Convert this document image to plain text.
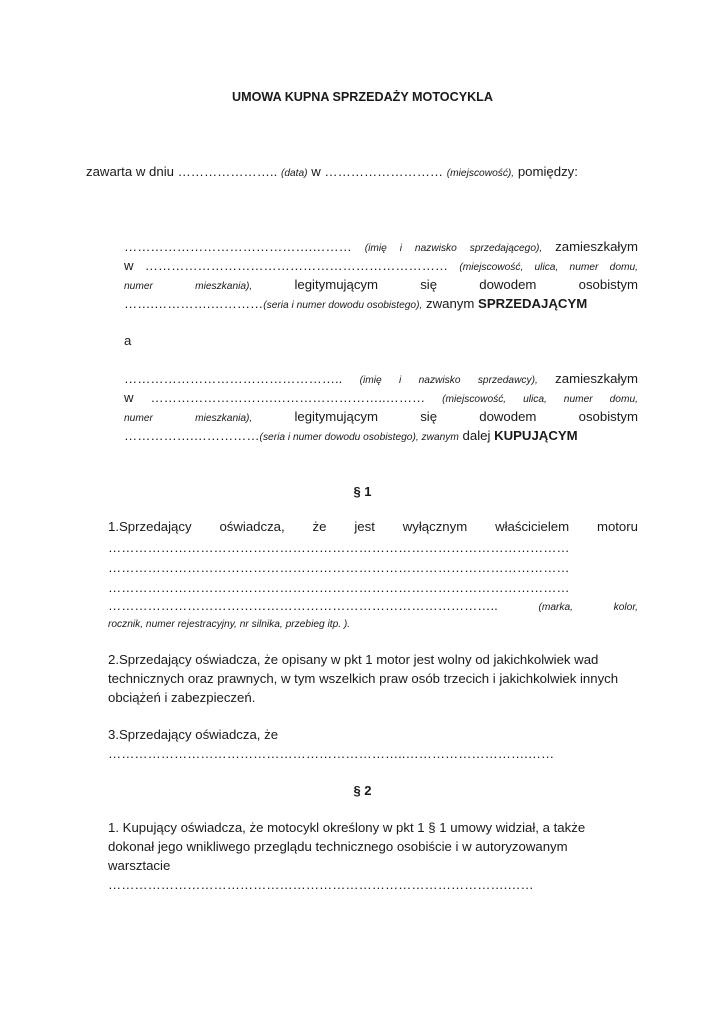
UMOWA KUPNA SPRZEDAŻY MOTOCYKLA
zawarta w dniu ………………….. (data) w ……………………… (miejscowość), pomiędzy:
…………………………………….……… (imię i nazwisko sprzedającego), zamieszkałym
w …………………………………………………………… (miejscowość, ulica, numer domu,
numer	mieszkania),	legitymującym	się	dowodem	osobistym
…….………….…………(seria i numer dowodu osobistego), zwanym SPRZEDAJĄCYM
a
………………………………………….. (imię i nazwisko sprzedawcy), zamieszkałym
w ……………………….……………………..……… (miejscowość, ulica, numer domu,
numer	mieszkania),	legitymującym	się	dowodem	osobistym
…………….……………(seria i numer dowodu osobistego), zwanym dalej KUPUJĄCYM
§ 1
1.Sprzedający oświadcza, że jest wyłącznym właścicielem motoru
……………………………………………………………………………………………
……………………………………………………………………………………………
……………………………………………………………………………………………
……………………………………………………………………………..	(marka,	kolor,
rocznik, numer rejestracyjny, nr silnika, przebieg itp. ).
2.Sprzedający oświadcza, że opisany w pkt 1 motor jest wolny od jakichkolwiek wad
technicznych oraz prawnych, w tym wszelkich praw osób trzecich i jakichkolwiek innych
obciążeń i zabezpieczeń.
3.Sprzedający oświadcza, że
…………………………………………………………..……………………….……
§ 2
1. Kupujący oświadcza, że motocykl określony w pkt 1 § 1 umowy widział, a także
dokonał jego wnikliwego przeglądu technicznego osobiście i w autoryzowanym
warsztacie
……………………………………………………………………………….……
